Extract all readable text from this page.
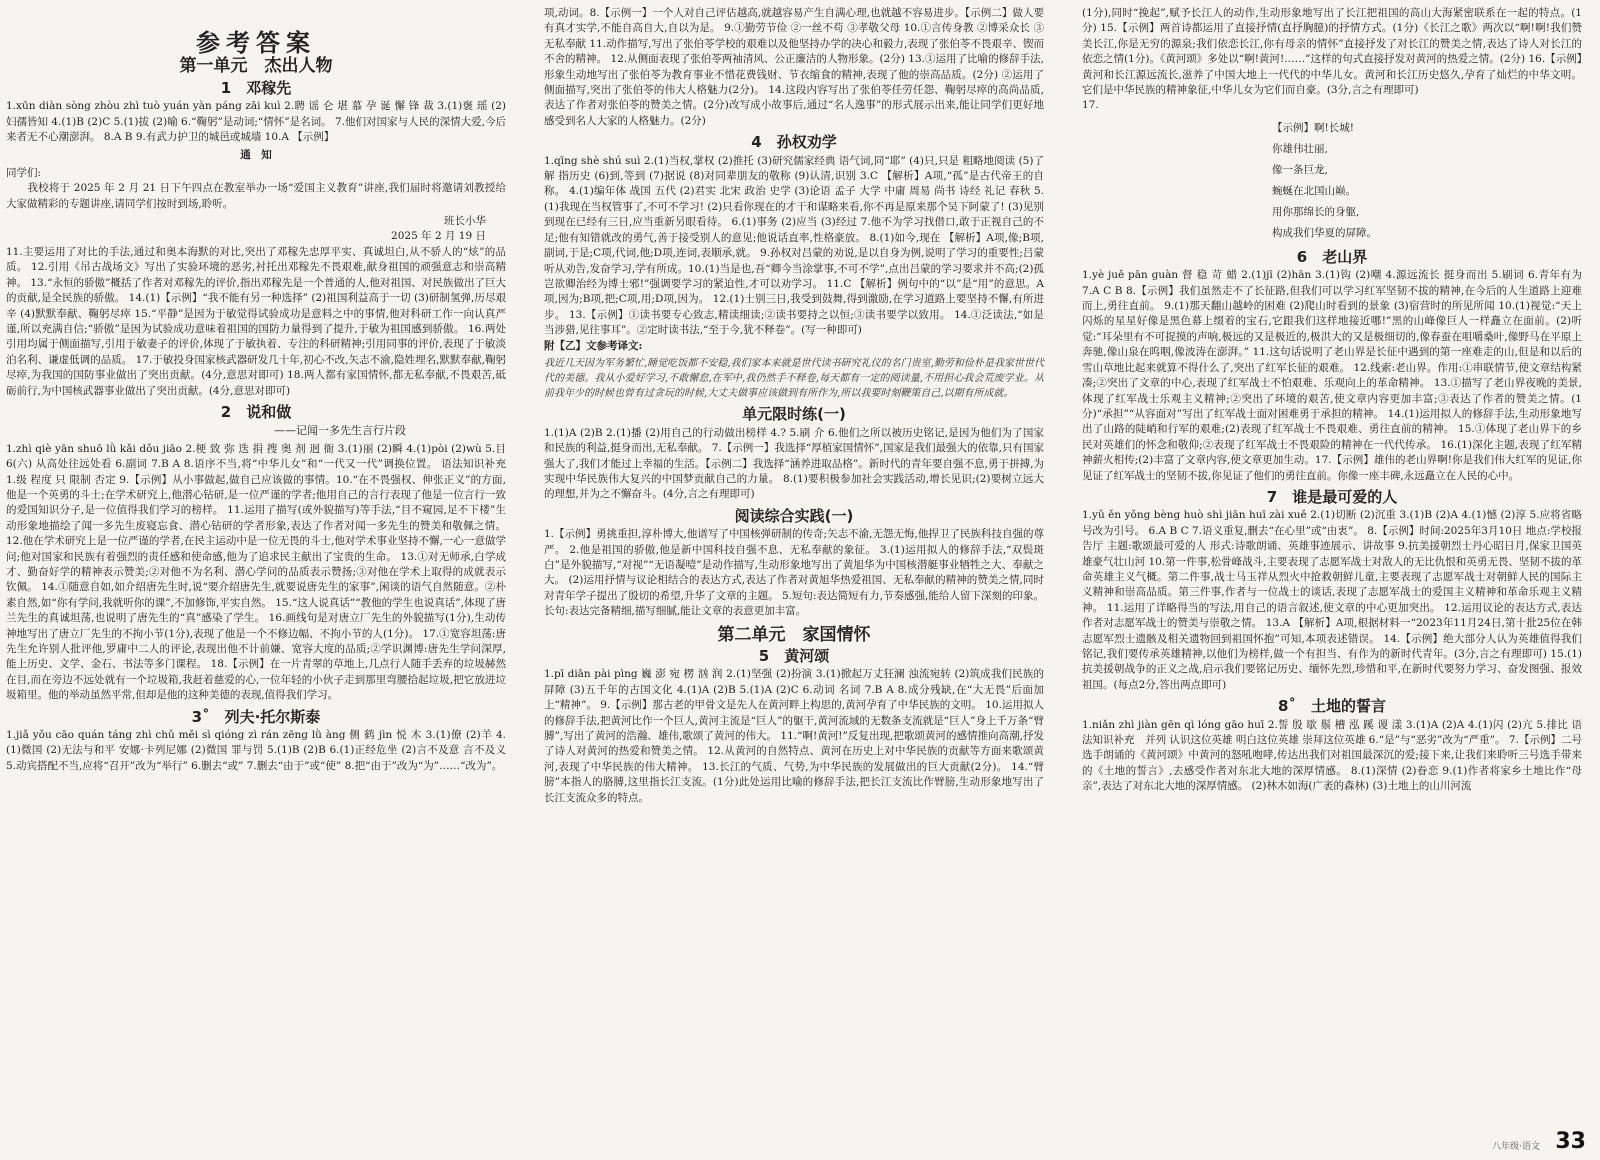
参考答案
第一单元　杰出人物
1　邓稼先

1.xūn diàn sòng zhòu zhì tuò yuán yàn páng zāi kuì 2.聘 谣 仑 堪 慕 孕 诞 懈 锋 裁 3.(1)褒 瑶 (2)妇孺皆知 4.(1)B (2)C 5.(1)拔 (2)喻 6.“鞠躬”是动词;“情怀”是名词。 7.他们对国家与人民的深情大爱,今后来者无不心潮澎湃。 8.A B 9.有武力护卫的城邑或城墙 10.A 【示例】

通　知

同学们:
　　我校将于 2025 年 2 月 21 日下午四点在教室举办一场“爱国主义教育”讲座,我们届时将邀请刘教授给大家做精彩的专题讲座,请同学们按时到场,聆听。

班长小华

2025 年 2 月 19 日

11.主要运用了对比的手法,通过和奥本海默的对比,突出了邓稼先忠厚平实、真诚坦白,从不骄人的“炫”的品质。 12.引用《吊古战场文》写出了实验环境的恶劣,衬托出邓稼先不畏艰难,献身祖国的顽强意志和崇高精神。 13.“永恒的骄傲”概括了作者对邓稼先的评价,指出邓稼先是一个普通的人,他对祖国、对民族做出了巨大的贡献,是全民族的骄傲。 14.(1)【示例】“我不能有另一种选择” (2)祖国利益高于一切 (3)研制氢弹,历尽艰辛 (4)默默奉献、鞠躬尽瘁 15.“平静”是因为于敏觉得试验成功是意料之中的事情,他对科研工作一向认真严谨,所以充满自信;“骄傲”是因为试验成功意味着祖国的国防力量得到了提升,于敏为祖国感到骄傲。 16.两处引用均属于侧面描写,引用于敏妻子的评价,体现了于敏执着、专注的科研精神;引用同事的评价,表现了于敏淡泊名利、谦虚低调的品质。 17.于敏投身国家核武器研发几十年,初心不改,矢志不渝,隐姓埋名,默默奉献,鞠躬尽瘁,为我国的国防事业做出了突出贡献。(4分,意思对即可) 18.两人都有家国情怀,都无私奉献,不畏艰苦,砥砺前行,为中国核武器事业做出了突出贡献。(4分,意思对即可)

2　说和做
——记闻一多先生言行片段

1.zhì qiè yān shuō lǜ kǎi dǒu jiāo 2.梗 致 弥 迭 捐 搜 奥 剂 迥 衙 3.(1)丽 (2)瞬 4.(1)pòi (2)wù 5.目 6(六) 从高处往远处看 6.副词 7.B A 8.语序不当,将“中华儿女”和“一代又一代”调换位置。 语法知识补充　1.级 程度 只 限制 否定 9.【示例】从小事做起,做自己应该做的事情。10.“在不畏强权、伸张正义”的方面,他是一个英勇的斗士;在学术研究上,他潜心钻研,是一位严谨的学者;他用自己的言行表现了他是一位言行一致的爱国知识分子,是一位值得我们学习的榜样。 11.运用了描写(或外貌描写)等手法,“目不窥园,足不下楼”生动形象地描绘了闻一多先生废寝忘食、潜心钻研的学者形象,表达了作者对闻一多先生的赞美和敬佩之情。 12.他在学术研究上是一位严谨的学者,在民主运动中是一位无畏的斗士,他对学术事业坚持不懈,一心一意做学问;他对国家和民族有着强烈的责任感和使命感,他为了追求民主献出了宝贵的生命。 13.①对无师承,白学成才、勤奋好学的精神表示赞美;②对他不为名利、潜心学问的品质表示赞扬;③对他在学术上取得的成就表示钦佩。 14.①随意自如,如介绍唐先生时,说“要介绍唐先生,就要说唐先生的家事”,闲谈的语气自然随意。②朴素自然,如“你有学问,我就听你的课”,不加修饰,平实自然。 15.“这人说真话”“教他的学生也说真话”,体现了唐兰先生的真诚坦荡,也说明了唐先生的“真”感染了学生。 16.画线句是对唐立厂先生的外貌描写(1分),生动传神地写出了唐立厂先生的不拘小节(1分),表现了他是一个不修边幅、不拘小节的人(1分)。 17.①宽容坦荡:唐先生允许别人批评他,罗庸中二人的评论,表现出他不计前嫌、宽容大度的品质;②学识渊博:唐先生学问深厚,能上历史、文学、金石、书法等多门课程。 18.【示例】在一片青翠的草地上,几点行人随手丢弃的垃圾赫然在目,而在旁边不远处就有一个垃圾箱,我赶着慈爱的心,一位年轻的小伙子走到那里弯腰拾起垃圾,把它放进垃圾箱里。他的举动虽然平常,但却是他的这种美德的表现,值得我们学习。

3˚　列夫·托尔斯泰

1.jiǎ yǒu cāo quán táng zhì chǔ měi sì qióng zì rán zēng lǜ àng 侧 鹤 jìn 悦 木 3.(1)僚 (2)羊 4.(1)微国 (2)无法与和平 安娜·卡列尼娜 (2)微国 罪与罚 5.(1)B (2)B 6.(1)正经危坐 (2)言不及意 言不及义 5.动宾搭配不当,应将“召开”改为“举行” 6.删去“或” 7.删去“由于”或“使” 8.把“由于”改为“为”……“改为”。

项,动词。8.【示例一】一个人对自己评估越高,就越容易产生自满心理,也就越不容易进步。【示例二】做人要有真才实学,不能自高自大,自以为是。 9.①勤劳节俭 ②一丝不苟 ③孝敬父母 10.①言传身教 ②博采众长 ③无私奉献 11.动作描写,写出了张伯苓学校的艰难以及他坚持办学的决心和毅力,表现了张伯苓不畏艰辛、锲而不舍的精神。 12.从侧面表现了张伯苓两袖清风、公正廉洁的人物形象。(2分) 13.①运用了比喻的修辞手法,形象生动地写出了张伯苓为教育事业不惜花费钱财、节衣缩食的精神,表现了他的崇高品质。(2分) ②运用了侧面描写,突出了张伯苓的伟大人格魅力(2分)。 14.这段内容写出了张伯苓任劳任怨、鞠躬尽瘁的高尚品质,表达了作者对张伯苓的赞美之情。(2分)改写成小故事后,通过“名人逸事”的形式展示出来,能让同学们更好地感受到名人大家的人格魅力。(2分)

4　孙权劝学

1.qīng shè shú suì 2.(1)当权,掌权 (2)推托 (3)研究儒家经典 语气词,同“耶” (4)只,只是 粗略地阅读 (5)了解 指历史 (6)到,等到 (7)据说 (8)对同辈朋友的敬称 (9)认清,识别 3.C 【解析】A项,“孤”是古代帝王的自称。 4.(1)编年体 战国 五代 (2)君实 北宋 政治 史学 (3)论语 孟子 大学 中庸 周易 尚书 诗经 礼记 春秋 5.(1)我现在当权管事了,不可不学习! (2)只看你现在的才干和谋略来看,你不再是原来那个吴下阿蒙了! (3)见别到现在已经有三日,应当重新另眼看待。 6.(1)事务 (2)应当 (3)经过 7.他不为学习找借口,敢于正视自己的不足;他有知错就改的勇气,善于接受别人的意见;他说话直率,性格豪放。 8.(1)如今,现在 【解析】A项,像;B项,副词,于是;C项,代词,他;D项,连词,表顺承,就。 9.孙权对吕蒙的劝说,是以自身为例,说明了学习的重要性;吕蒙听从劝告,发奋学习,学有所成。10.(1)当是也,吾“卿今当涂掌事,不可不学”,点出吕蒙的学习要求并不高;(2)孤岂欲卿治经为博士邪!”强调要学习的紧迫性,才可以劝学习。 11.C 【解析】例句中的“以”是“用”的意思。A项,因为;B项,把;C项,用;D项,因为。 12.(1)士别三日,我受到鼓舞,得到激励,在学习道路上要坚持不懈,有所进步。 13.【示例】①读书要专心致志,精读细读;②读书要持之以恒;③读书要学以致用。 14.①泛读法,“如是当涉猎,见往事耳”。②定时读书法,“至于今,犹不释卷”。(写一种即可)

附【乙】文参考译文:

我近几天因为军务繁忙,睡觉吃饭都不安稳,我们家本来就是世代读书研究礼仪的名门贵室,勤劳和俭朴是我家世世代代的美德。我从小爱好学习,不敢懈怠,在军中,我仍然手不释卷,每天都有一定的阅读量,不用担心我会荒废学业。从前我年少的时候也曾有过贪玩的时候,大丈夫做事应该做到有所作为,所以我要时刻鞭策自己,以期有所成就。

单元限时练(一)

1.(1)A (2)B 2.(1)播 (2)用自己的行动做出榜样 4.? 5.刷 介 6.他们之所以被历史铭记,是因为他们为了国家和民族的利益,挺身而出,无私奉献。 7.【示例一】我选择“厚植家国情怀”,国家是我们最强大的依靠,只有国家强大了,我们才能过上幸福的生活。【示例二】我选择“涵养进取品格”。新时代的青年要自强不息,勇于拼搏,为实现中华民族伟大复兴的中国梦贡献自己的力量。 8.(1)要积极参加社会实践活动,增长见识;(2)要树立远大的理想,并为之不懈奋斗。(4分,言之有理即可)

阅读综合实践(一)

1.【示例】勇挑重担,淳朴博大,他谱写了中国核弹研制的传奇;矢志不渝,无怨无悔,他捍卫了民族科技自强的尊严。 2.他是祖国的骄傲,他是新中国科技自强不息、无私奉献的象征。 3.(1)运用拟人的修辞手法,“双鬓斑白”是外貌描写,“对视”“无语凝噎”是动作描写,生动形象地写出了黄旭华为中国核潜艇事业牺牲之大、奉献之大。 (2)运用抒情与议论相结合的表达方式,表达了作者对黄旭华热爱祖国、无私奉献的精神的赞美之情,同时对青年学子提出了殷切的希望,升华了文章的主题。 5.短句:表达简短有力,节奏感强,能给人留下深刻的印象。长句:表达完备精细,描写细腻,能让文章的表意更加丰富。

第二单元　家国情怀
5　黄河颂

1.pī diān pài pìng 巍 澎 宛 楞 汹 润 2.(1)坚强 (2)扮演 3.(1)掀起万丈狂澜 浊流宛转 (2)筑成我们民族的屏障 (3)五千年的古国文化 4.(1)A (2)B 5.(1)A (2)C 6.动词 名词 7.B A 8.成分残缺,在“大无畏”后面加上“精神”。 9.【示例】那古老的甲骨文是先人在黄河畔上构思的,黄河孕育了中华民族的文明。 10.运用拟人的修辞手法,把黄河比作一个巨人,黄河主流是“巨人”的躯干,黄河流域的无数条支流就是“巨人”身上千万条“臂膊”,写出了黄河的浩瀚、雄伟,歌颂了黄河的伟大。 11.“啊!黄河!”反复出现,把歌颂黄河的感情推向高潮,抒发了诗人对黄河的热爱和赞美之情。 12.从黄河的自然特点、黄河在历史上对中华民族的贡献等方面来歌颂黄河,表现了中华民族的伟大精神。 13.长江的气质、气势,为中华民族的发展做出的巨大贡献(2分)。 14.“臂膀”本指人的胳膊,这里指长江支流。(1分)此处运用比喻的修辞手法,把长江支流比作臂膀,生动形象地写出了长江支流众多的特点。

(1分),同时“挽起”,赋予长江人的动作,生动形象地写出了长江把祖国的高山大海紧密联系在一起的特点。(1分) 15.【示例】两首诗都运用了直接抒情(直抒胸臆)的抒情方式。(1分)《长江之歌》两次以“啊!啊!我们赞美长江,你是无穷的源泉;我们依恋长江,你有母亲的情怀”直接抒发了对长江的赞美之情,表达了诗人对长江的依恋之情(1分)。《黄河颂》多处以“啊!黄河!……”这样的句式直接抒发对黄河的热爱之情。(2分) 16.【示例】黄河和长江源远流长,滋养了中国大地上一代代的中华儿女。黄河和长江历史悠久,孕育了灿烂的中华文明。它们是中华民族的精神象征,中华儿女为它们而自豪。(3分,言之有理即可)

17.

【示例】啊!长城!
你雄伟壮丽,
像一条巨龙,
蜿蜒在北国山巅。
用你那绵长的身躯,
构成我们华夏的屏障。
6　老山界

1.yè juě pān guàn 督 稳 苛 蜡 2.(1)jī (2)hān 3.(1)钩 (2)嘲 4.源远流长 挺身而出 5.刷词 6.青年有为 7.A C B 8.【示例】我们虽然走不了长征路,但我们可以学习红军坚韧不拔的精神,在今后的人生道路上迎难而上,勇往直前。 9.(1)那天翻山越岭的困难 (2)爬山时看到的景象 (3)宿营时的所见所闻 10.(1)视觉:“天上闪烁的星星好像是黑色幕上缀着的宝石,它跟我们这样地接近哪!”黑的山峰像巨人一样矗立在面前。(2)听觉:“耳朵里有不可捉摸的声响,极远的又是极近的,极洪大的又是极细切的,像春蚕在咀嚼桑叶,像野马在平原上奔驰,像山泉在呜咽,像波涛在澎湃。” 11.这句话说明了老山界是长征中遇到的第一座难走的山,但是和以后的雪山草地比起来就算不得什么了,突出了红军长征的艰难。 12.线索:老山界。作用:①串联情节,使文章结构紧凑;②突出了文章的中心,表现了红军战士不怕艰难、乐观向上的革命精神。 13.①描写了老山界夜晚的美景,体现了红军战士乐观主义精神;②突出了环境的艰苦,使文章内容更加丰富;③表达了作者的赞美之情。(1分)“承担”“从容面对”写出了红军战士面对困难勇于承担的精神。 14.(1)运用拟人的修辞手法,生动形象地写出了山路的陡峭和行军的艰难;(2)表现了红军战士不畏艰难、勇往直前的精神。 15.①体现了老山界下的乡民对英雄们的怀念和敬仰;②表现了红军战士不畏艰险的精神在一代代传承。 16.(1)深化主题,表现了红军精神薪火相传;(2)丰富了文章内容,使文章更加生动。17.【示例】雄伟的老山界啊!你是我们伟大红军的见证,你见证了红军战士的坚韧不拔,你见证了他们的勇往直前。你像一座丰碑,永远矗立在人民的心中。

7　谁是最可爱的人

1.yǔ ěn yǒng bèng huò shì jiān huī zài xuě 2.(1)切断 (2)沉重 3.(1)B (2)A 4.(1)憾 (2)淳 5.应将省略号改为引号。 6.A B C 7.语义重复,删去“在心里”或“由衷”。 8.【示例】时间:2025年3月10日 地点:学校报告厅 主题:歌颂最可爱的人 形式:诗歌朗诵、英雄事迹展示、讲故事 9.抗美援朝烈士丹心昭日月,保家卫国英雄豪气壮山河 10.第一件事,松骨峰战斗,主要表现了志愿军战士对敌人的无比仇恨和英勇无畏、坚韧不拔的革命英雄主义气概。第二件事,战士马玉祥从烈火中抢救朝鲜儿童,主要表现了志愿军战士对朝鲜人民的国际主义精神和崇高品质。第三件事,作者与一位战士的谈话,表现了志愿军战士的爱国主义精神和革命乐观主义精神。 11.运用了详略得当的写法,用自己的语言叙述,使文章的中心更加突出。 12.运用议论的表达方式,表达作者对志愿军战士的赞美与崇敬之情。 13.A 【解析】A项,根据材料一“2023年11月24日,第十批25位在韩志愿军烈士遗骸及相关遗物回到祖国怀抱”可知,本项表述错误。 14.【示例】绝大部分人认为英雄值得我们铭记,我们要传承英雄精神,以他们为榜样,做一个有担当、有作为的新时代青年。(3分,言之有理即可) 15.(1)抗美援朝战争的正义之战,启示我们要铭记历史、缅怀先烈,珍惜和平,在新时代要努力学习、奋发图强、报效祖国。(每点2分,答出两点即可)

8˚　土地的誓言

1.niǎn zhì jiàn gēn qì lóng gāo huī 2.誓 殷 歇 鬃 槽 泓 蹊 谡 漾 3.(1)A (2)A 4.(1)闪 (2)亢 5.排比 语法知识补充　并列 认识这位英雄 明白这位英雄 崇拜这位英雄 6.“是”与“恶劣”改为“严重”。 7.【示例】二号选手朗诵的《黄河颂》中黄河的怒吼咆哮,传达出我们对祖国最深沉的爱;接下来,让我们来聆听三号选手带来的《土地的誓言》,去感受作者对东北大地的深厚情感。 8.(1)深情 (2)眷恋 9.(1)作者将家乡土地比作“母亲”,表达了对东北大地的深厚情感。 (2)林木如海(广袤的森林) (3)土地上的山川河流

八年级·语文 33
